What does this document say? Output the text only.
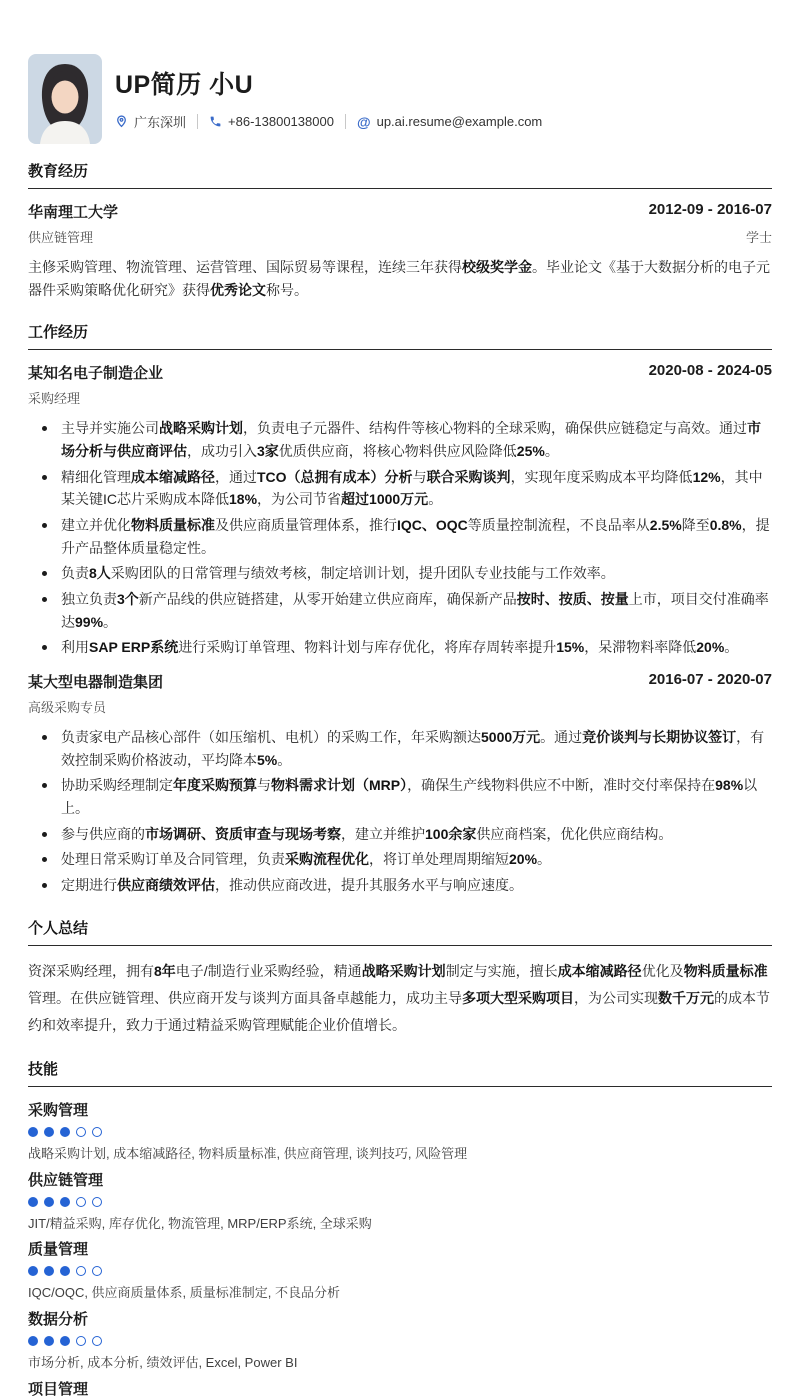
UP简历 小U
广东深圳	+86-13800138000 @ up.ai.resume@example.com
教育经历
华南理工大学	2012-09 - 2016-07
供应链管理	学士

主修采购管理、物流管理、运营管理、国际贸易等课程，连续三年获得校级奖学金。毕业论文《基于大数据分析的电子元器件采购策略优化研究》获得优秀论文称号。

工作经历
某知名电子制造企业	2020-08 - 2024-05
采购经理
主导并实施公司战略采购计划，负责电子元器件、结构件等核心物料的全球采购，确保供应链稳定与高效。通过市场分析与供应商评估，成功引入3家优质供应商，将核心物料供应风险降低25%。
精细化管理成本缩减路径，通过TCO（总拥有成本）分析与联合采购谈判，实现年度采购成本平均降低12%，其中某关键IC芯片采购成本降低18%，为公司节省超过1000万元。
建立并优化物料质量标准及供应商质量管理体系，推行IQC、OQC等质量控制流程，不良品率从2.5%降至0.8%，提升产品整体质量稳定性。
负责8人采购团队的日常管理与绩效考核，制定培训计划，提升团队专业技能与工作效率。
独立负责3个新产品线的供应链搭建，从零开始建立供应商库，确保新产品按时、按质、按量上市，项目交付准确率达99%。
利用SAP ERP系统进行采购订单管理、物料计划与库存优化，将库存周转率提升15%，呆滞物料率降低20%。
某大型电器制造集团	2016-07 - 2020-07
高级采购专员
负责家电产品核心部件（如压缩机、电机）的采购工作，年采购额达5000万元。通过竞价谈判与长期协议签订，有效控制采购价格波动，平均降本5%。
协助采购经理制定年度采购预算与物料需求计划（MRP），确保生产线物料供应不中断，准时交付率保持在98%以上。
参与供应商的市场调研、资质审查与现场考察，建立并维护100余家供应商档案，优化供应商结构。
处理日常采购订单及合同管理，负责采购流程优化，将订单处理周期缩短20%。
定期进行供应商绩效评估，推动供应商改进，提升其服务水平与响应速度。
个人总结

资深采购经理，拥有8年电子/制造行业采购经验，精通战略采购计划制定与实施，擅长成本缩减路径优化及物料质量标准管理。在供应链管理、供应商开发与谈判方面具备卓越能力，成功主导多项大型采购项目，为公司实现数千万元的成本节约和效率提升，致力于通过精益采购管理赋能企业价值增长。

技能
采购管理

战略采购计划, 成本缩减路径, 物料质量标准, 供应商管理, 谈判技巧, 风险管理

供应链管理

JIT/精益采购, 库存优化, 物流管理, MRP/ERP系统, 全球采购

质量管理

IQC/OQC, 供应商质量体系, 质量标准制定, 不良品分析

数据分析

市场分析, 成本分析, 绩效评估, Excel, Power BI

项目管理
